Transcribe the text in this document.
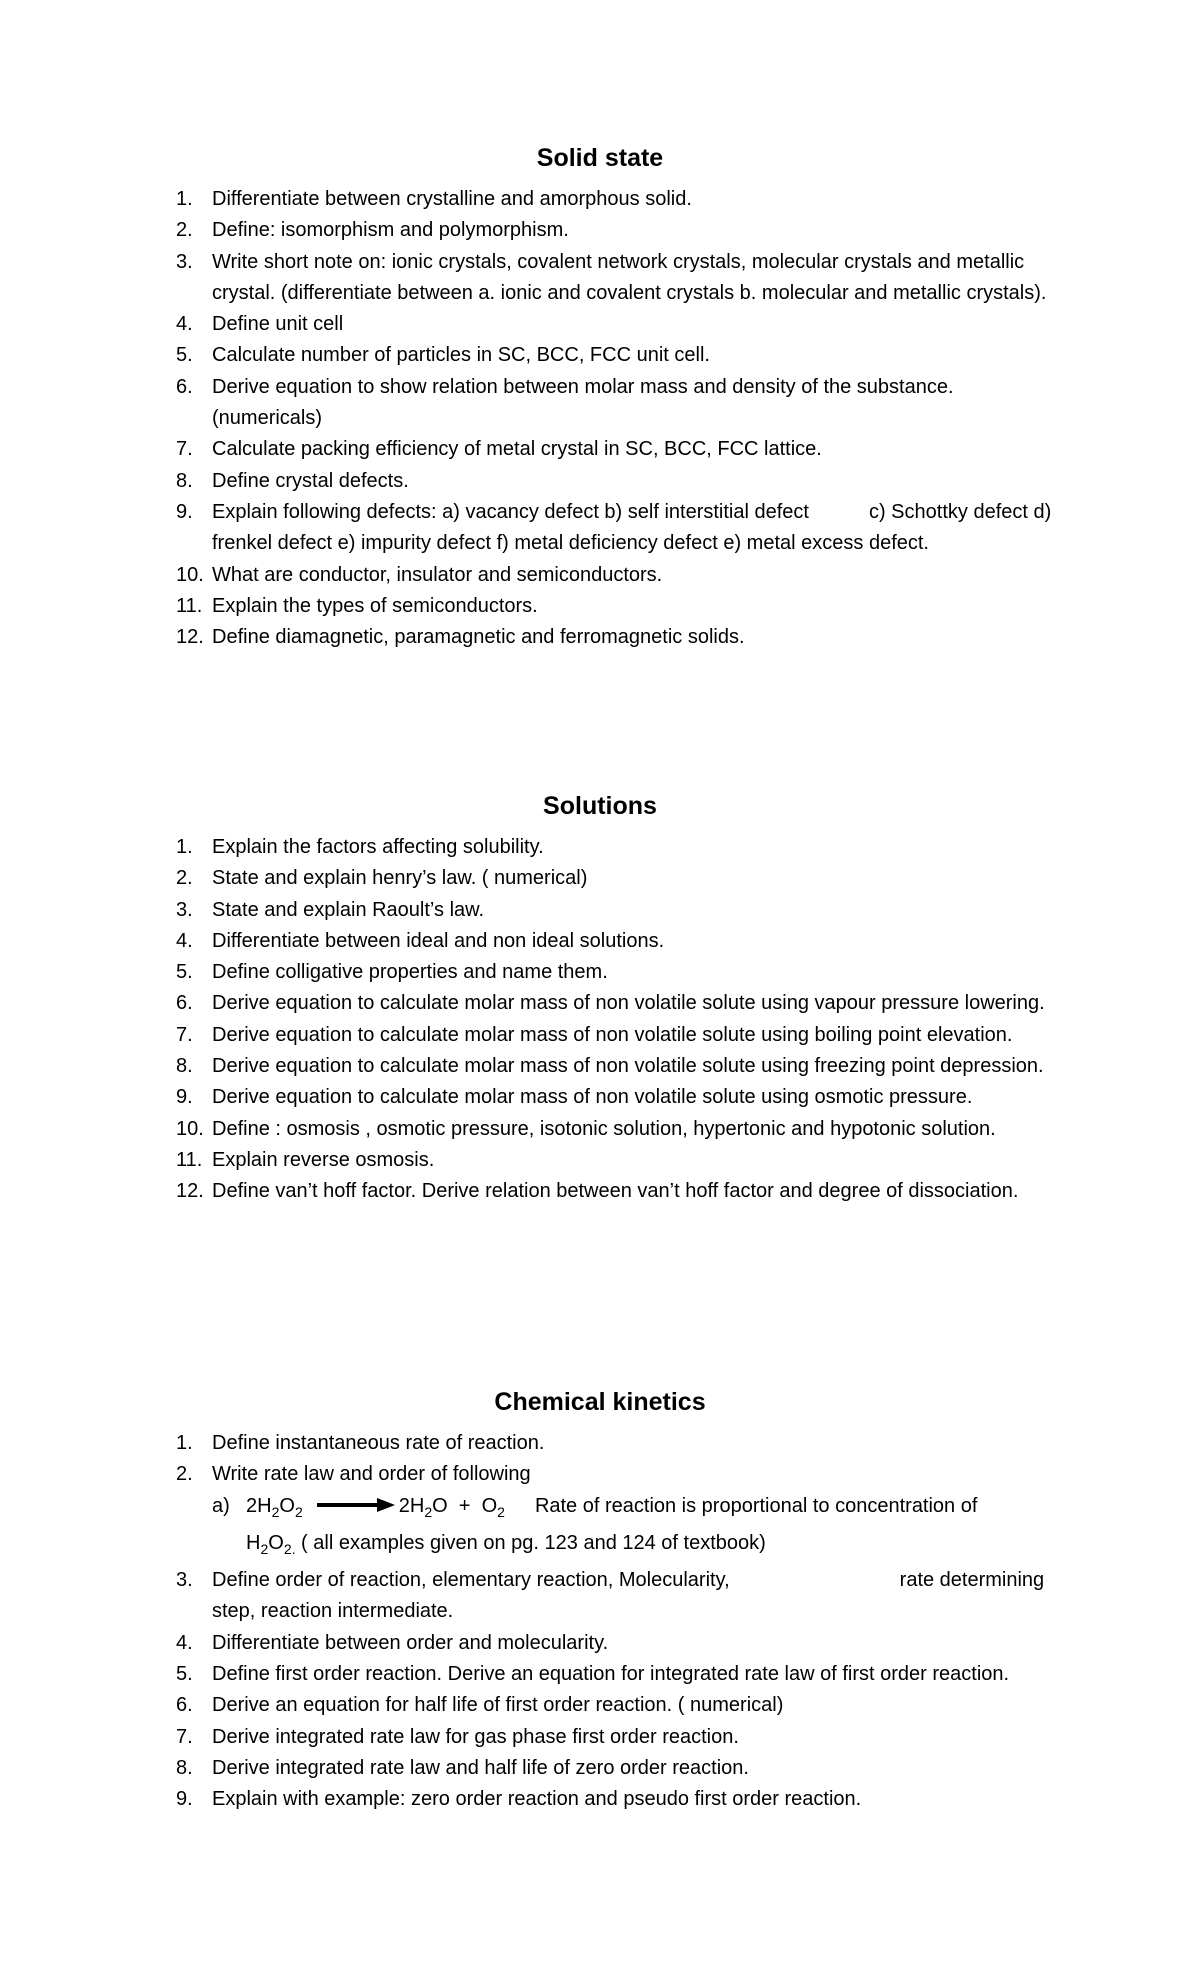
Solid state
1. Differentiate between crystalline and amorphous solid.
2. Define: isomorphism and polymorphism.
3. Write short note on: ionic crystals, covalent network crystals, molecular crystals and metallic crystal. (differentiate between a. ionic and covalent crystals b. molecular and metallic crystals).
4. Define unit cell
5. Calculate number of particles in SC, BCC, FCC unit cell.
6. Derive equation to show relation between molar mass and density of the substance.(numericals)
7. Calculate packing efficiency of metal crystal in SC, BCC, FCC lattice.
8. Define crystal defects.
9. Explain following defects: a) vacancy defect b) self interstitial defect	c) Schottky defect d) frenkel defect e) impurity defect f) metal deficiency defect e) metal excess defect.
10. What are conductor, insulator and semiconductors.
11. Explain the types of semiconductors.
12. Define diamagnetic, paramagnetic and ferromagnetic solids.
Solutions
1. Explain the factors affecting solubility.
2. State and explain henry’s law. ( numerical)
3. State and explain Raoult’s law.
4. Differentiate between ideal and non ideal solutions.
5. Define colligative properties and name them.
6. Derive equation to calculate molar mass of non volatile solute using vapour pressure lowering.
7. Derive equation to calculate molar mass of non volatile solute using boiling point elevation.
8. Derive equation to calculate molar mass of non volatile solute using freezing point depression.
9. Derive equation to calculate molar mass of non volatile solute using osmotic pressure.
10. Define : osmosis , osmotic pressure, isotonic solution, hypertonic and hypotonic solution.
11. Explain reverse osmosis.
12. Define van’t hoff factor. Derive relation between van’t hoff factor and degree of dissociation.
Chemical kinetics
1. Define instantaneous rate of reaction.
2. Write rate law and order of following
a) $2H_2O_2 \to 2H_2O + O_2$ Rate of reaction is proportional to concentration of
$H_2O_{2.}$ ( all examples given on pg. 123 and 124 of textbook)
3. Define order of reaction, elementary reaction, Molecularity,	rate determining step, reaction intermediate.
4. Differentiate between order and molecularity.
5. Define first order reaction. Derive an equation for integrated rate law of first order reaction.
6. Derive an equation for half life of first order reaction. ( numerical)
7. Derive integrated rate law for gas phase first order reaction.
8. Derive integrated rate law and half life of zero order reaction.
9. Explain with example: zero order reaction and pseudo first order reaction.
